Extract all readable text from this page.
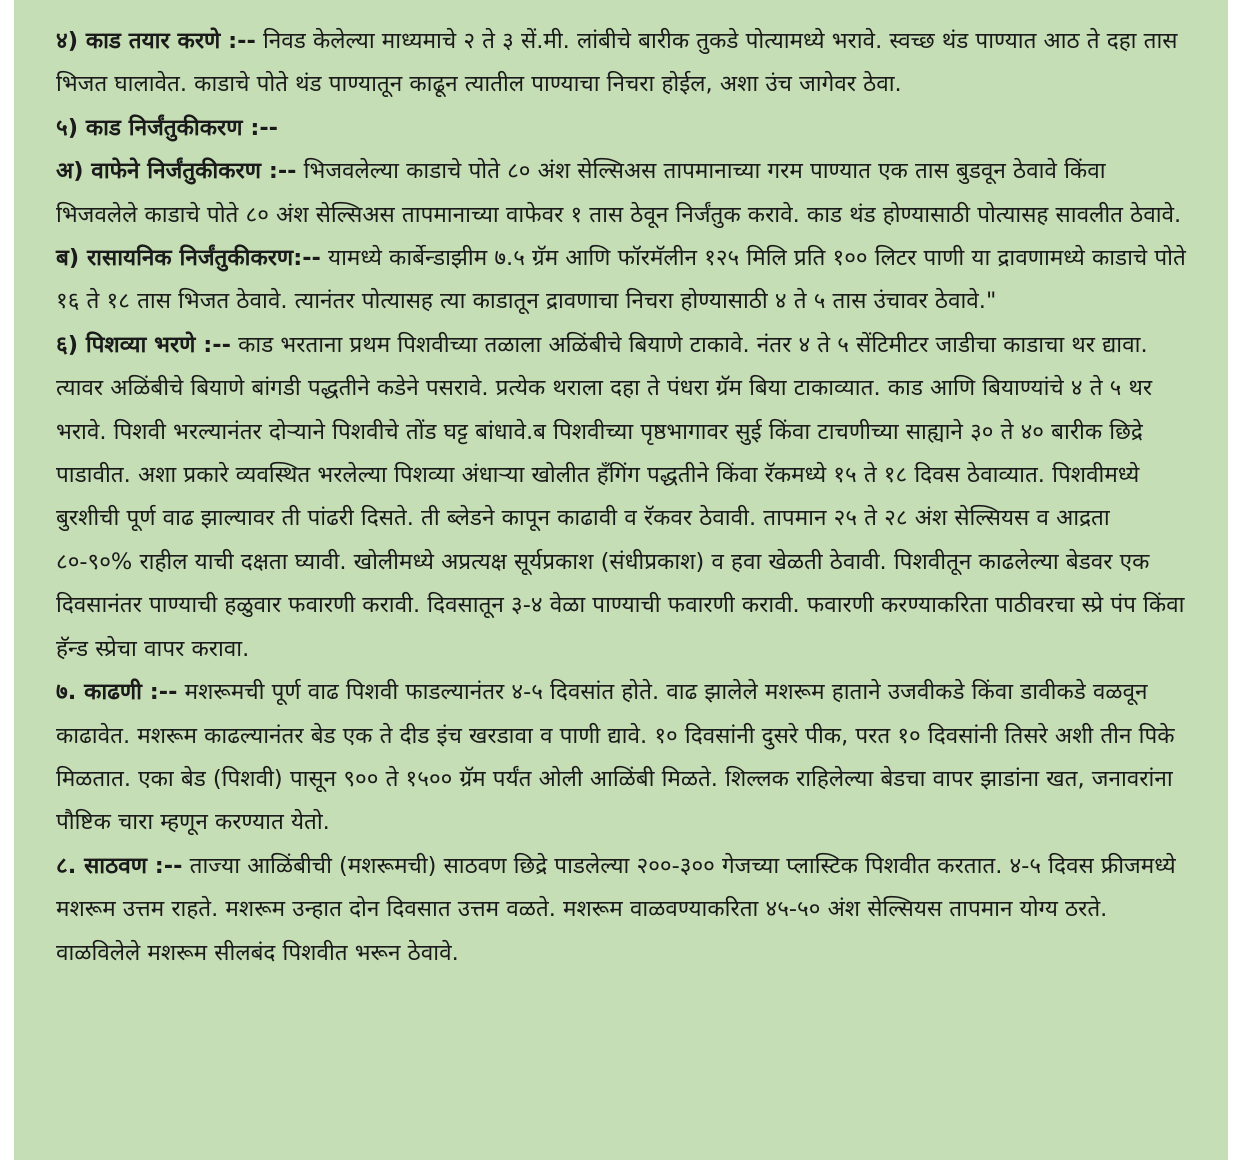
४) काड तयार करणे :-- निवड केलेल्या माध्यमाचे २ ते ३ सें.मी. लांबीचे बारीक तुकडे पोत्यामध्ये भरावे. स्वच्छ थंड पाण्यात आठ ते दहा तास भिजत घालावेत. काडाचे पोते थंड पाण्यातून काढून त्यातील पाण्याचा निचरा होईल, अशा उंच जागेवर ठेवा.

५) काड निर्जंतुकीकरण :--

अ) वाफेने निर्जंतुकीकरण :-- भिजवलेल्या काडाचे पोते ८० अंश सेल्सिअस तापमानाच्या गरम पाण्यात एक तास बुडवून ठेवावे किंवा भिजवलेले काडाचे पोते ८० अंश सेल्सिअस तापमानाच्या वाफेवर १ तास ठेवून निर्जंतुक करावे. काड थंड होण्यासाठी पोत्यासह सावलीत ठेवावे.

ब) रासायनिक निर्जंतुकीकरण:-- यामध्ये कार्बेन्डाझीम ७.५ ग्रॅम आणि फॉरमॅलीन १२५ मिलि प्रति १०० लिटर पाणी या द्रावणामध्ये काडाचे पोते १६ ते १८ तास भिजत ठेवावे. त्यानंतर पोत्यासह त्या काडातून द्रावणाचा निचरा होण्यासाठी ४ ते ५ तास उंचावर ठेवावे."

६) पिशव्या भरणे :-- काड भरताना प्रथम पिशवीच्या तळाला अळिंबीचे बियाणे टाकावे. नंतर ४ ते ५ सेंटिमीटर जाडीचा काडाचा थर द्यावा. त्यावर अळिंबीचे बियाणे बांगडी पद्धतीने कडेने पसरावे. प्रत्येक थराला दहा ते पंधरा ग्रॅम बिया टाकाव्यात. काड आणि बियाण्यांचे ४ ते ५ थर भरावे. पिशवी भरल्यानंतर दोऱ्याने पिशवीचे तोंड घट्ट बांधावे.ब पिशवीच्या पृष्ठभागावर सुई किंवा टाचणीच्या साह्याने ३० ते ४० बारीक छिद्रे पाडावीत. अशा प्रकारे व्यवस्थित भरलेल्या पिशव्या अंधाऱ्या खोलीत हँगिंग पद्धतीने किंवा रॅकमध्ये १५ ते १८ दिवस ठेवाव्यात. पिशवीमध्ये बुरशीची पूर्ण वाढ झाल्यावर ती पांढरी दिसते. ती ब्लेडने कापून काढावी व रॅकवर ठेवावी. तापमान २५ ते २८ अंश सेल्सियस व आद्रता ८०-९०% राहील याची दक्षता घ्यावी. खोलीमध्ये अप्रत्यक्ष सूर्यप्रकाश (संधीप्रकाश) व हवा खेळती ठेवावी. पिशवीतून काढलेल्या बेडवर एक दिवसानंतर पाण्याची हळुवार फवारणी करावी. दिवसातून ३-४ वेळा पाण्याची फवारणी करावी. फवारणी करण्याकरिता पाठीवरचा स्प्रे पंप किंवा हॅन्ड स्प्रेचा वापर करावा.

७. काढणी :-- मशरूमची पूर्ण वाढ पिशवी फाडल्यानंतर ४-५ दिवसांत होते. वाढ झालेले मशरूम हाताने उजवीकडे किंवा डावीकडे वळवून काढावेत. मशरूम काढल्यानंतर बेड एक ते दीड इंच खरडावा व पाणी द्यावे. १० दिवसांनी दुसरे पीक, परत १० दिवसांनी तिसरे अशी तीन पिके मिळतात. एका बेड (पिशवी) पासून ९०० ते १५०० ग्रॅम पर्यंत ओली आळिंबी मिळते. शिल्लक राहिलेल्या बेडचा वापर झाडांना खत, जनावरांना पौष्टिक चारा म्हणून करण्यात येतो.

८. साठवण :-- ताज्या आळिंबीची (मशरूमची) साठवण छिद्रे पाडलेल्या २००-३०० गेजच्या प्लास्टिक पिशवीत करतात. ४-५ दिवस फ्रीजमध्ये मशरूम उत्तम राहते. मशरूम उन्हात दोन दिवसात उत्तम वळते. मशरूम वाळवण्याकरिता ४५-५० अंश सेल्सियस तापमान योग्य ठरते. वाळविलेले मशरूम सीलबंद पिशवीत भरून ठेवावे.
